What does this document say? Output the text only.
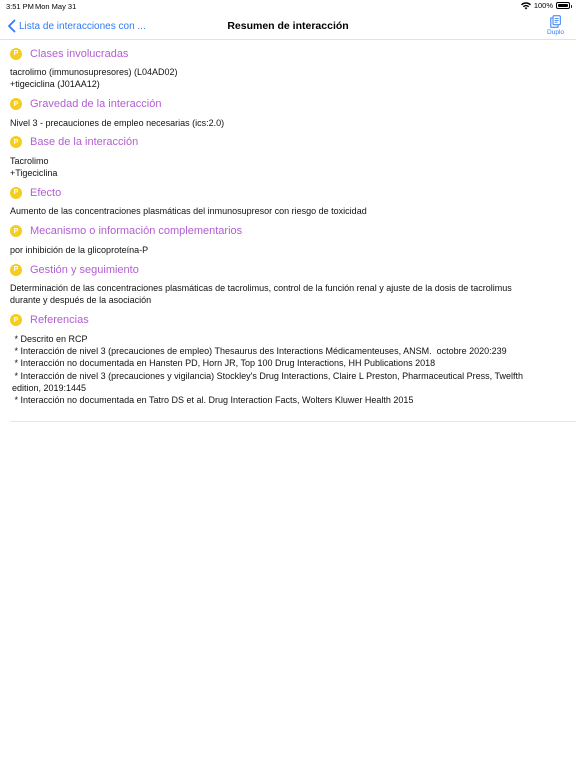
3:51 PM Mon May 31	100%
Lista de interacciones con ...	Resumen de interacción
Duplo
P	Clases involucradas
tacrolimo (immunosupresores) (L04AD02)
+tigeciclina (J01AA12)
P	Gravedad de la interacción
Nivel 3 - precauciones de empleo necesarias (ics:2.0)
P	Base de la interacción
Tacrolimo
+Tigeciclina
P	Efecto
Aumento de las concentraciones plasmáticas del inmunosupresor con riesgo de toxicidad
P	Mecanismo o información complementarios
por inhibición de la glicoproteína-P
P	Gestión y seguimiento
Determinación de las concentraciones plasmáticas de tacrolimus, control de la función renal y ajuste de la dosis de tacrolimus
durante y después de la asociación
P	Referencias
* Descrito en RCP
* Interacción de nivel 3 (precauciones de empleo) Thesaurus des Interactions Médicamenteuses, ANSM.  octobre 2020:239
* Interacción no documentada en Hansten PD, Horn JR, Top 100 Drug Interactions, HH Publications 2018
* Interacción de nivel 3 (precauciones y vigilancia) Stockley's Drug Interactions, Claire L Preston, Pharmaceutical Press, Twelfth
edition, 2019:1445
* Interacción no documentada en Tatro DS et al. Drug Interaction Facts, Wolters Kluwer Health 2015
